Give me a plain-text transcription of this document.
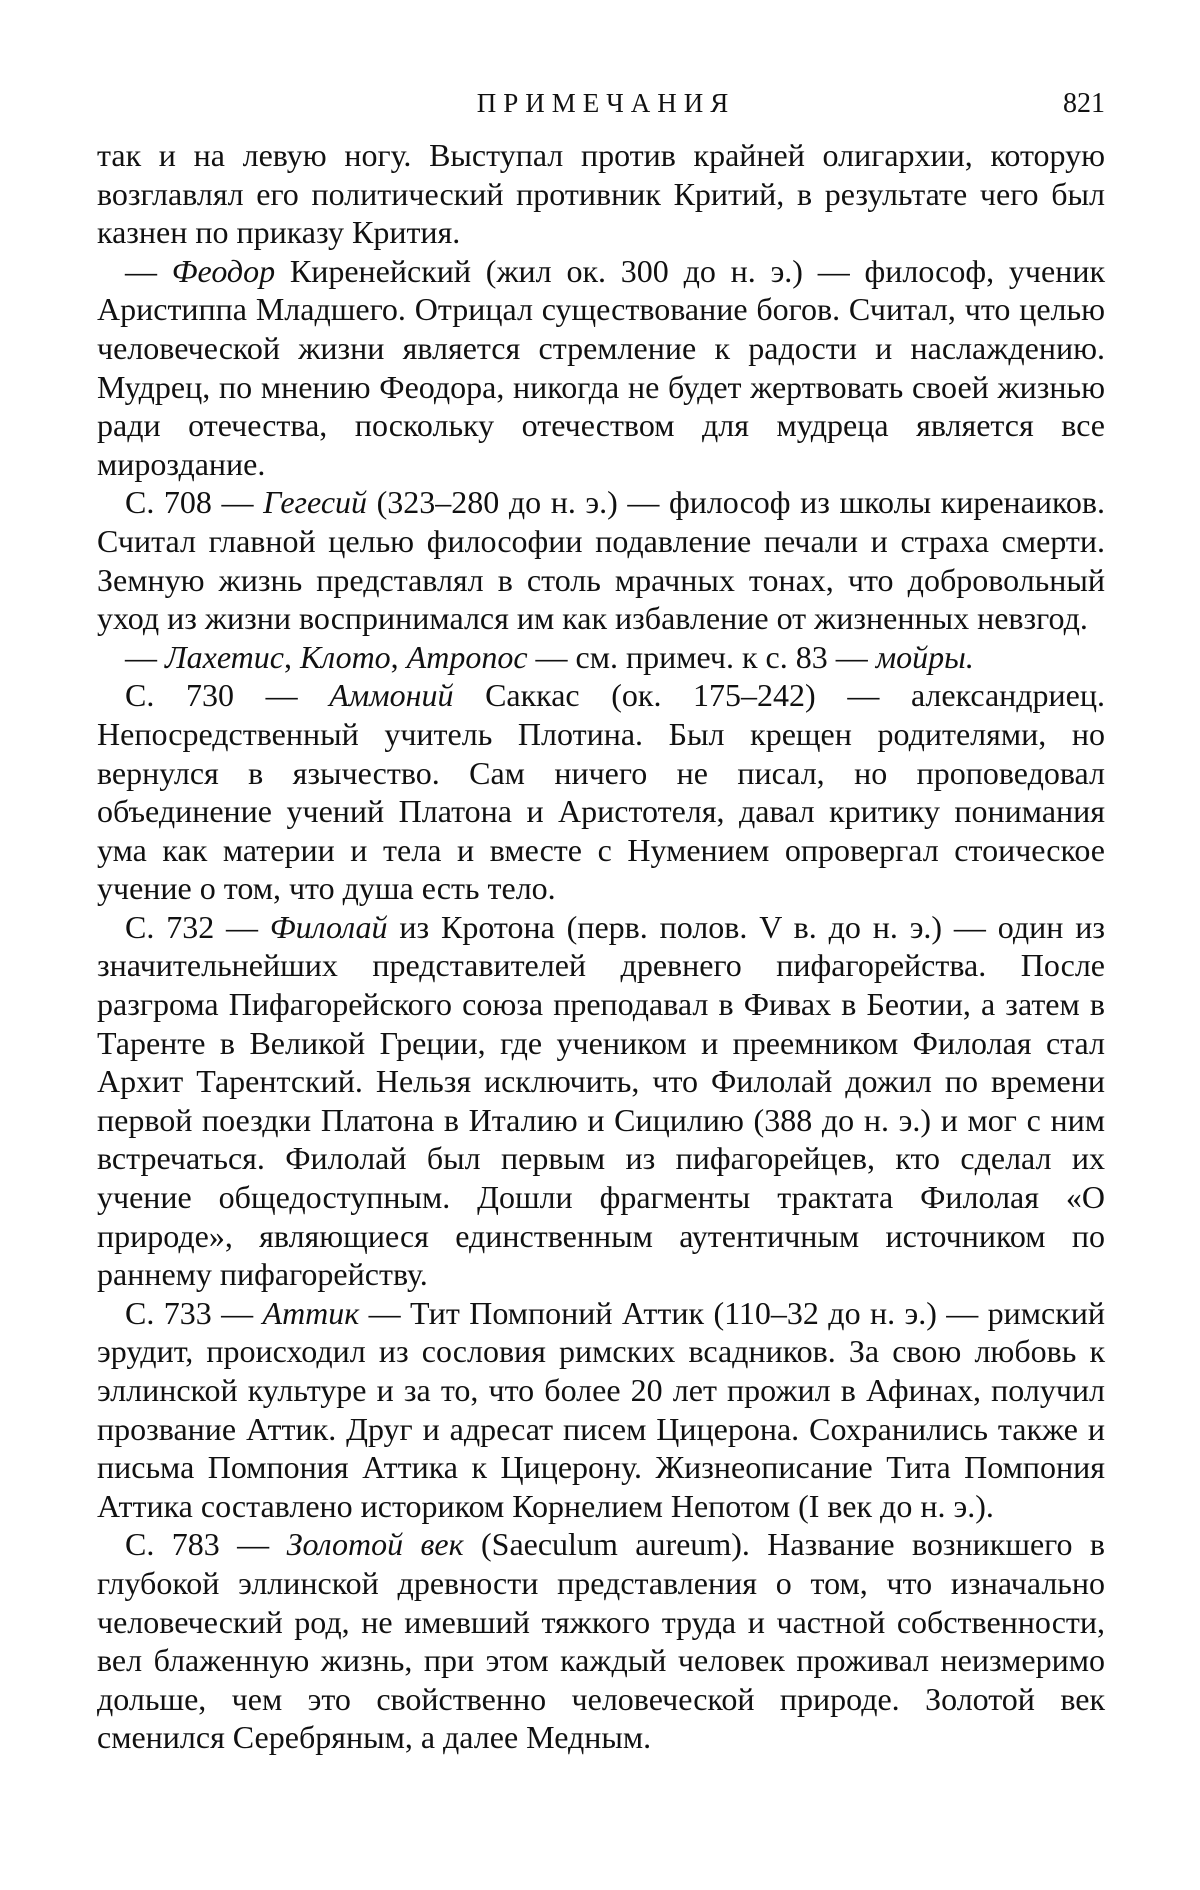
ПРИМЕЧАНИЯ	821

так и на левую ногу. Выступал против крайней олигархии, которую возглавлял его политический противник Критий, в результате чего был казнен по приказу Крития.

— Феодор Киренейский (жил ок. 300 до н. э.) — философ, ученик Аристиппа Младшего. Отрицал существование богов. Считал, что целью человеческой жизни является стремление к радости и наслаждению. Мудрец, по мнению Феодора, никогда не будет жертвовать своей жизнью ради отечества, поскольку отечеством для мудреца является все мироздание.

С. 708 — Гегесий (323–280 до н. э.) — философ из школы киренаиков. Считал главной целью философии подавление печали и страха смерти. Земную жизнь представлял в столь мрачных тонах, что добровольный уход из жизни воспринимался им как избавление от жизненных невзгод.

— Лахетис, Клото, Атропос — см. примеч. к с. 83 — мойры.

С. 730 — Аммоний Саккас (ок. 175–242) — александриец. Непосредственный учитель Плотина. Был крещен родителями, но вернулся в язычество. Сам ничего не писал, но проповедовал объединение учений Платона и Аристотеля, давал критику понимания ума как материи и тела и вместе с Нумением опровергал стоическое учение о том, что душа есть тело.

С. 732 — Филолай из Кротона (перв. полов. V в. до н. э.) — один из значительнейших представителей древнего пифагорейства. После разгрома Пифагорейского союза преподавал в Фивах в Беотии, а затем в Таренте в Великой Греции, где учеником и преемником Филолая стал Архит Тарентский. Нельзя исключить, что Филолай дожил по времени первой поездки Платона в Италию и Сицилию (388 до н. э.) и мог с ним встречаться. Филолай был первым из пифагорейцев, кто сделал их учение общедоступным. Дошли фрагменты трактата Филолая «О природе», являющиеся единственным аутентичным источником по раннему пифагорейству.

С. 733 — Аттик — Тит Помпоний Аттик (110–32 до н. э.) — римский эрудит, происходил из сословия римских всадников. За свою любовь к эллинской культуре и за то, что более 20 лет прожил в Афинах, получил прозвание Аттик. Друг и адресат писем Цицерона. Сохранились также и письма Помпония Аттика к Цицерону. Жизнеописание Тита Помпония Аттика составлено историком Корнелием Непотом (I век до н. э.).

С. 783 — Золотой век (Saeculum aureum). Название возникшего в глубокой эллинской древности представления о том, что изначально человеческий род, не имевший тяжкого труда и частной собственности, вел блаженную жизнь, при этом каждый человек проживал неизмеримо дольше, чем это свойственно человеческой природе. Золотой век сменился Серебряным, а далее Медным.
